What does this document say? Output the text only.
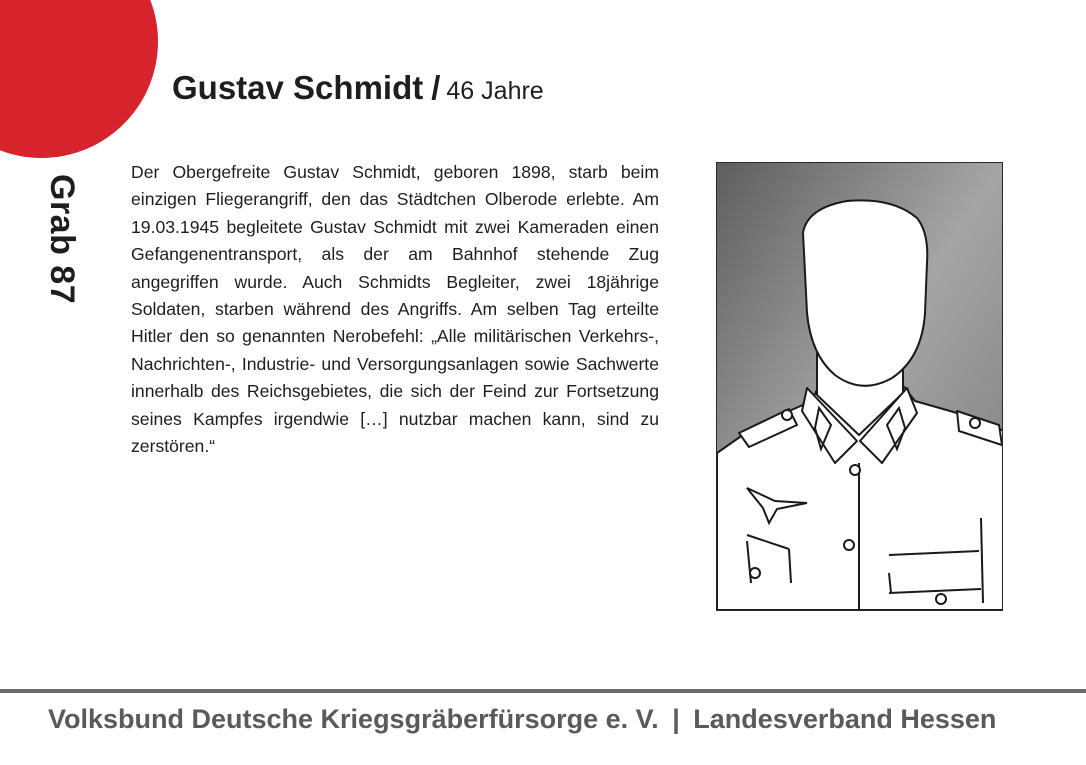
Grab 87
Gustav Schmidt / 46 Jahre

Der Obergefreite Gustav Schmidt, geboren 1898, starb beim einzigen Fliegerangriff, den das Städtchen Olberode erlebte. Am 19.03.1945 begleitete Gustav Schmidt mit zwei Kameraden einen Gefangenentransport, als der am Bahnhof stehende Zug angegriffen wurde. Auch Schmidts Begleiter, zwei 18jährige Soldaten, starben während des Angriffs. Am selben Tag erteilte Hitler den so genannten Nerobefehl: „Alle militärischen Verkehrs-, Nachrichten-, Industrie- und Versorgungsanlagen sowie Sachwerte innerhalb des Reichsgebietes, die sich der Feind zur Fortsetzung seines Kampfes irgendwie […] nutzbar machen kann, sind zu zerstören.“

Volksbund Deutsche Kriegsgräberfürsorge e. V. | Landesverband Hessen
